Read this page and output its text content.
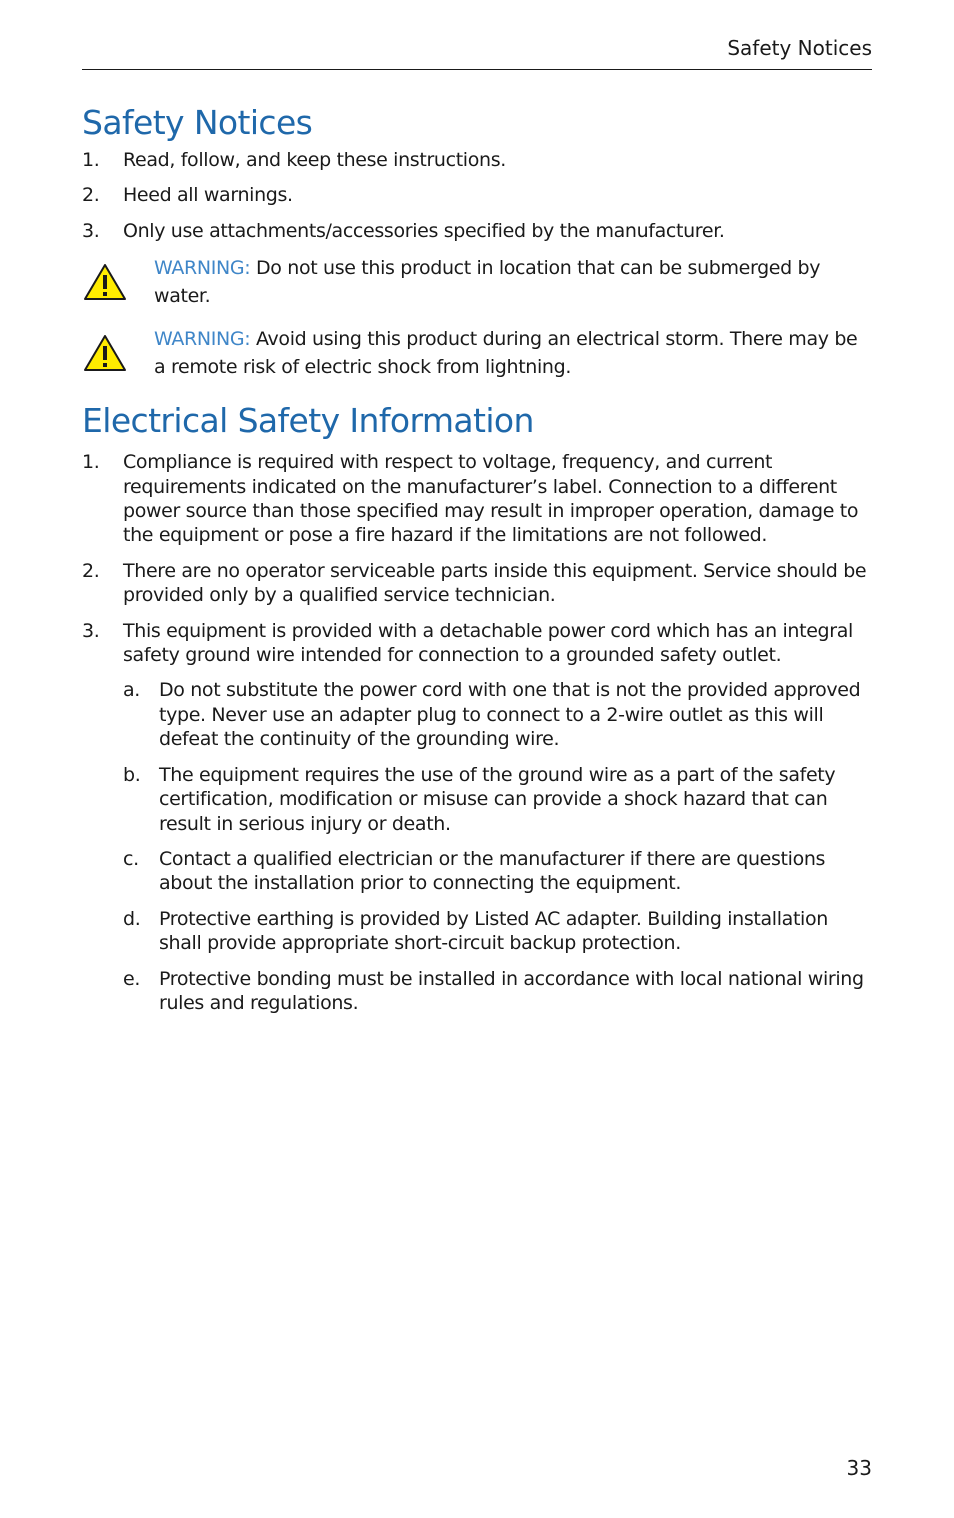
Safety Notices
Safety Notices
1. Read, follow, and keep these instructions.
2. Heed all warnings.
3. Only use attachments/accessories specified by the manufacturer.
WARNING: Do not use this product in location that can be submerged by water.
WARNING: Avoid using this product during an electrical storm. There may be a remote risk of electric shock from lightning.
Electrical Safety Information
1. Compliance is required with respect to voltage, frequency, and current requirements indicated on the manufacturer’s label. Connection to a different power source than those specified may result in improper operation, damage to the equipment or pose a fire hazard if the limitations are not followed.
2. There are no operator serviceable parts inside this equipment. Service should be provided only by a qualified service technician.
3. This equipment is provided with a detachable power cord which has an integral safety ground wire intended for connection to a grounded safety outlet.
a. Do not substitute the power cord with one that is not the provided approved type. Never use an adapter plug to connect to a 2-wire outlet as this will defeat the continuity of the grounding wire.
b. The equipment requires the use of the ground wire as a part of the safety certification, modification or misuse can provide a shock hazard that can result in serious injury or death.
c. Contact a qualified electrician or the manufacturer if there are questions about the installation prior to connecting the equipment.
d. Protective earthing is provided by Listed AC adapter. Building installation shall provide appropriate short-circuit backup protection.
e. Protective bonding must be installed in accordance with local national wiring rules and regulations.
33
